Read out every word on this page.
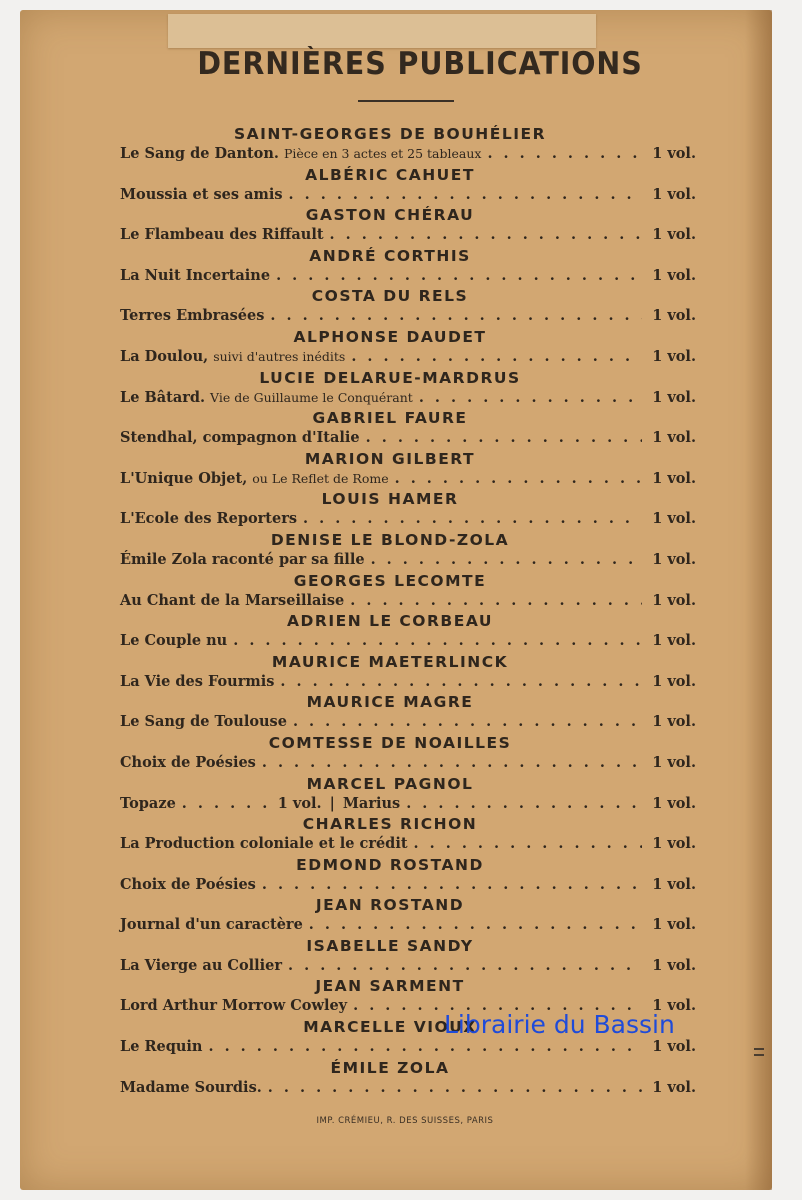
DERNIÈRES PUBLICATIONS
SAINT-GEORGES DE BOUHÉLIER
Le Sang de Danton. Pièce en 3 actes et 25 tableaux . . .	1 vol.
ALBÉRIC CAHUET
Moussia et ses amis . . .	1 vol.
GASTON CHÉRAU
Le Flambeau des Riffault . . .	1 vol.
ANDRÉ CORTHIS
La Nuit Incertaine . . .	1 vol.
COSTA DU RELS
Terres Embrasées . . .	1 vol.
ALPHONSE DAUDET
La Doulou, suivi d'autres inédits . . .	1 vol.
LUCIE DELARUE-MARDRUS
Le Bâtard. Vie de Guillaume le Conquérant . . .	1 vol.
GABRIEL FAURE
Stendhal, compagnon d'Italie . . .	1 vol.
MARION GILBERT
L'Unique Objet, ou Le Reflet de Rome . . .	1 vol.
LOUIS HAMER
L'Ecole des Reporters . . .	1 vol.
DENISE LE BLOND-ZOLA
Émile Zola raconté par sa fille . . .	1 vol.
GEORGES LECOMTE
Au Chant de la Marseillaise . . .	1 vol.
ADRIEN LE CORBEAU
Le Couple nu . . .	1 vol.
MAURICE MAETERLINCK
La Vie des Fourmis . . .	1 vol.
MAURICE MAGRE
Le Sang de Toulouse . . .	1 vol.
COMTESSE DE NOAILLES
Choix de Poésies . . .	1 vol.
MARCEL PAGNOL
Topaze . . .	1 vol. | Marius . . .	1 vol.
CHARLES RICHON
La Production coloniale et le crédit . . .	1 vol.
EDMOND ROSTAND
Choix de Poésies . . .	1 vol.
JEAN ROSTAND
Journal d'un caractère . . .	1 vol.
ISABELLE SANDY
La Vierge au Collier . . .	1 vol.
JEAN SARMENT
Lord Arthur Morrow Cowley . . .	1 vol.
MARCELLE VIOUX
Le Requin . . .	1 vol.
ÉMILE ZOLA
Madame Sourdis. . . .	1 vol.
IMP. CRÉMIEU, R. DES SUISSES, PARIS
Librairie du Bassin
